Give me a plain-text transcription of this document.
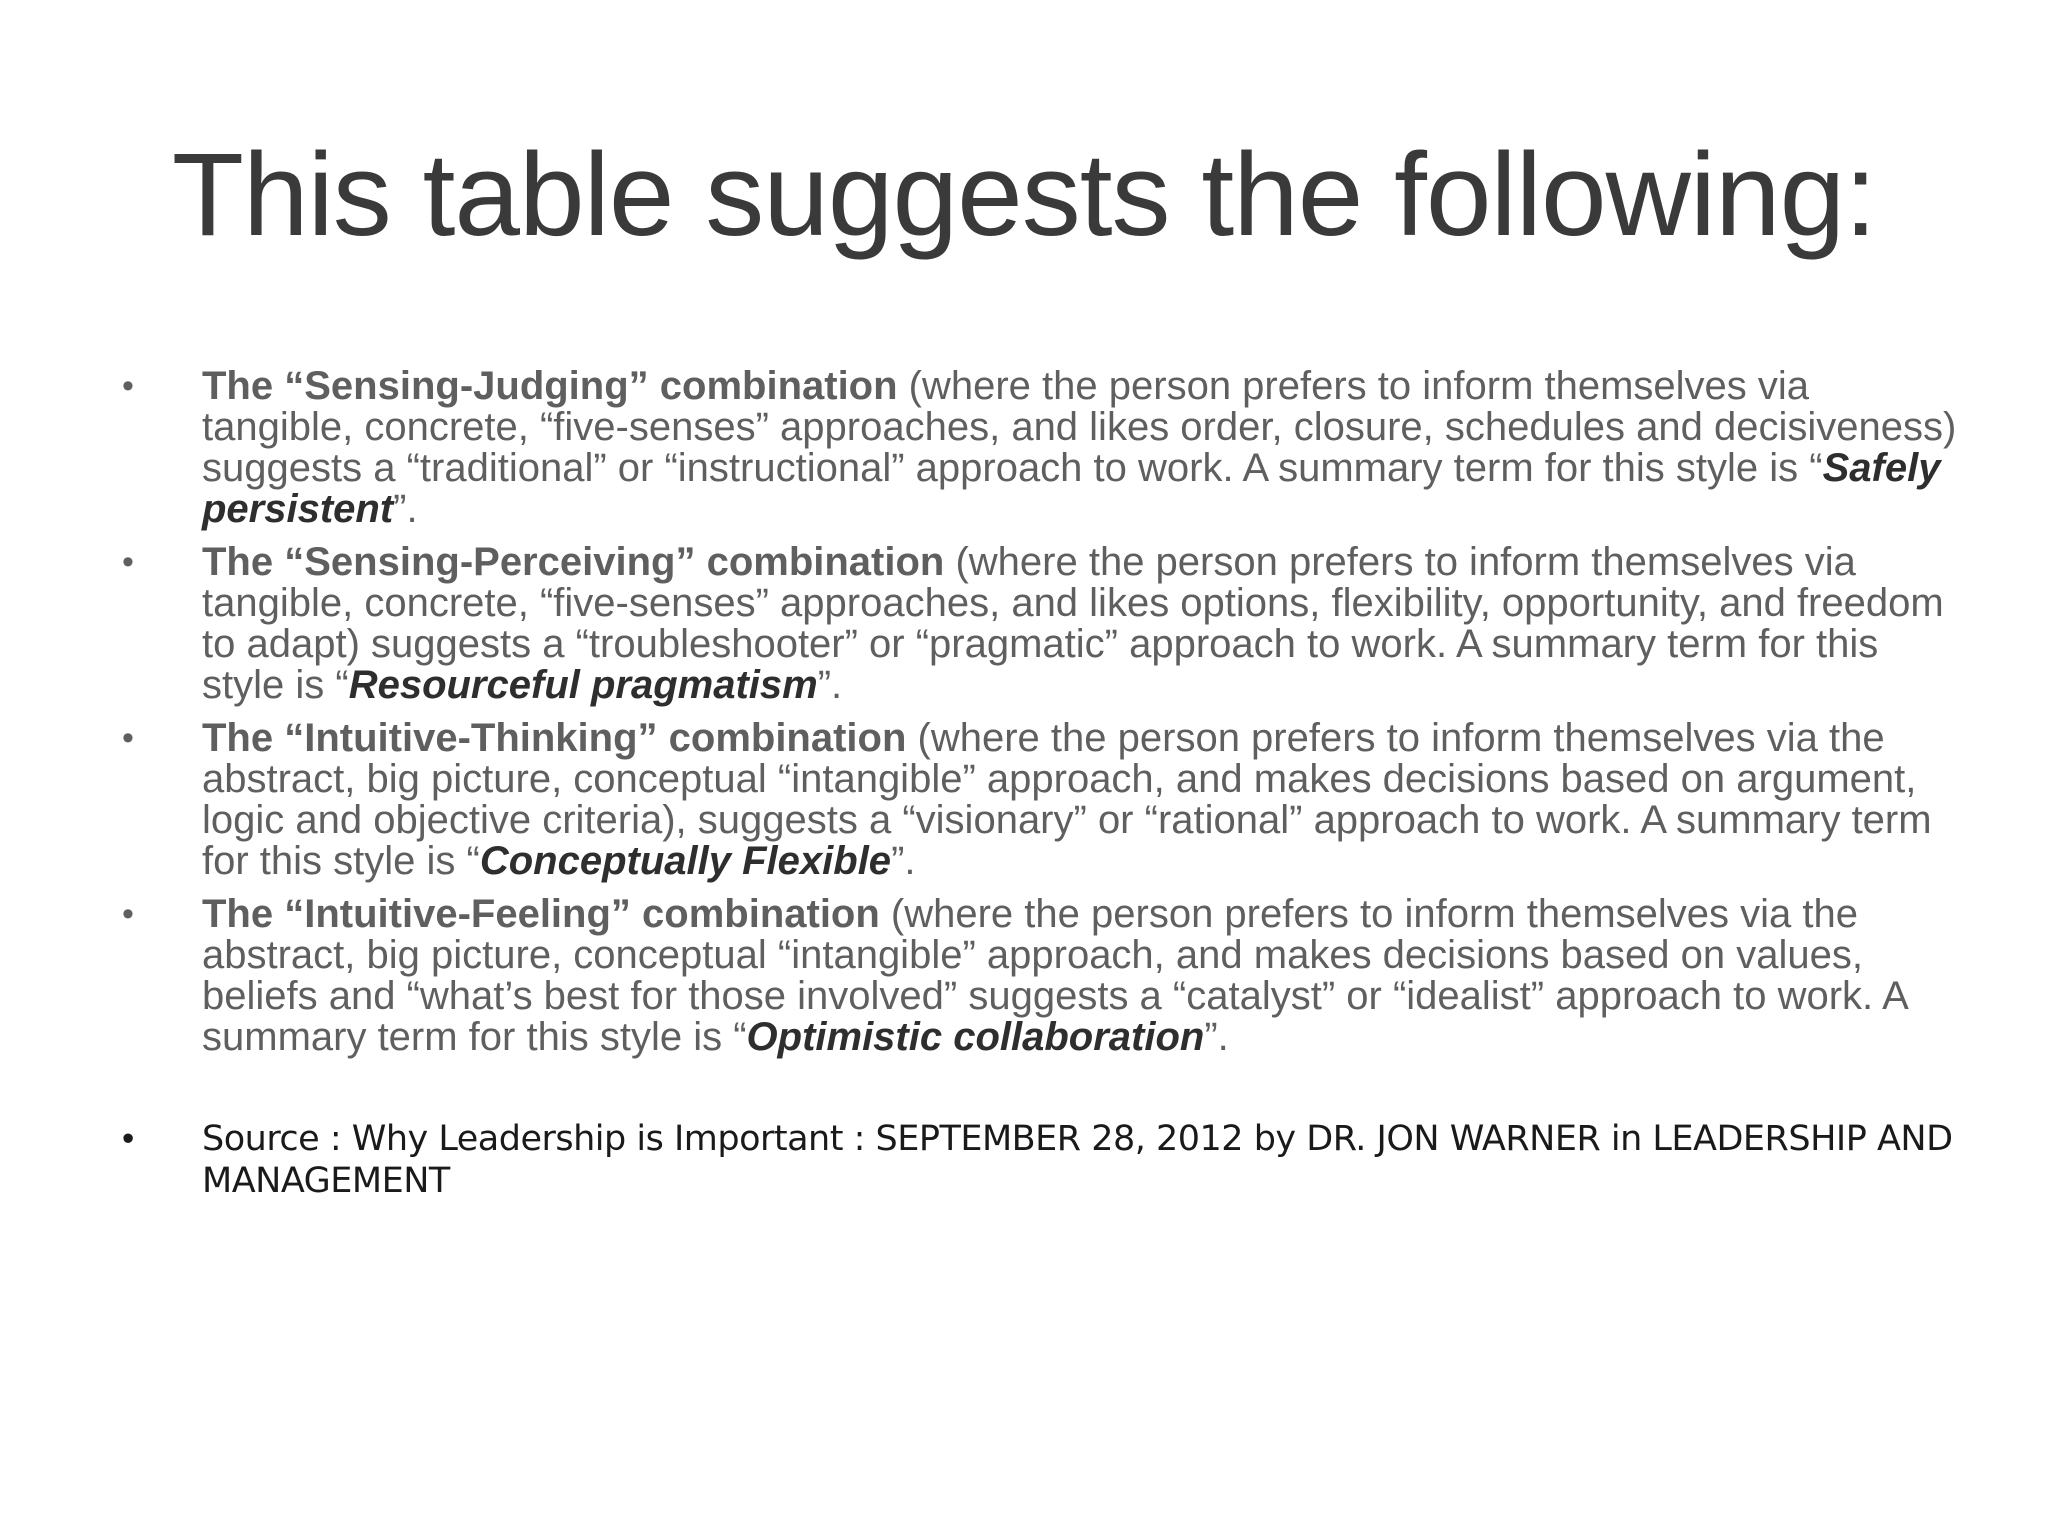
This table suggests the following:
•	The “Sensing-Judging” combination (where the person prefers to inform themselves via tangible, concrete, “five-senses” approaches, and likes order, closure, schedules and decisiveness) suggests a “traditional” or “instructional” approach to work. A summary term for this style is “Safely persistent”.
•	The “Sensing-Perceiving” combination (where the person prefers to inform themselves via tangible, concrete, “five-senses” approaches, and likes options, flexibility, opportunity, and freedom to adapt) suggests a “troubleshooter” or “pragmatic” approach to work. A summary term for this style is “Resourceful pragmatism”.
•	The “Intuitive-Thinking” combination (where the person prefers to inform themselves via the abstract, big picture, conceptual “intangible” approach, and makes decisions based on argument, logic and objective criteria), suggests a “visionary” or “rational” approach to work. A summary term for this style is “Conceptually Flexible”.
•	The “Intuitive-Feeling” combination (where the person prefers to inform themselves via the abstract, big picture, conceptual “intangible” approach, and makes decisions based on values, beliefs and “what’s best for those involved” suggests a “catalyst” or “idealist” approach to work. A summary term for this style is “Optimistic collaboration”.
•	Source : Why Leadership is Important : SEPTEMBER 28, 2012 by DR. JON WARNER in LEADERSHIP AND MANAGEMENT
